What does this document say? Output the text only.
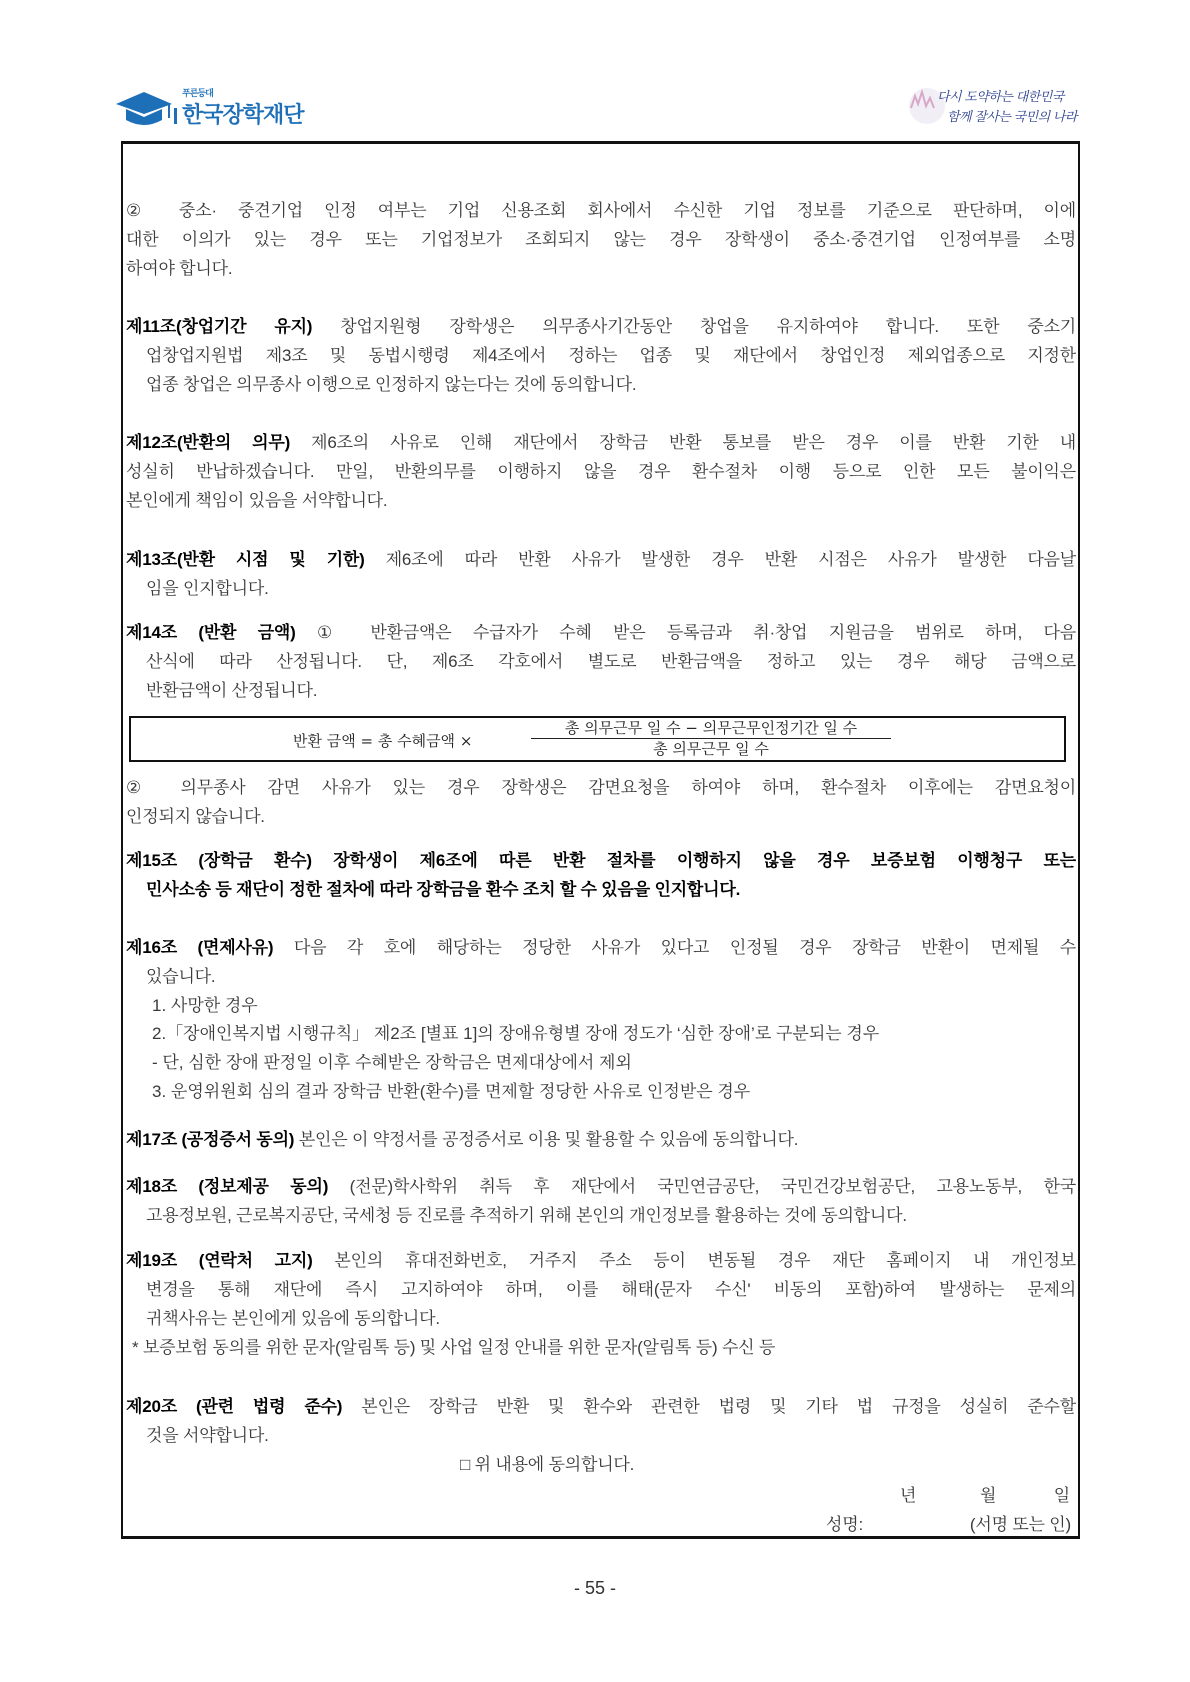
푸른등대
한국장학재단
다시 도약하는 대한민국
함께 잘사는 국민의 나라
② 중소· 중견기업 인정 여부는 기업 신용조회 회사에서 수신한 기업 정보를 기준으로 판단하며, 이에
대한 이의가 있는 경우 또는 기업정보가 조회되지 않는 경우 장학생이 중소·중견기업 인정여부를 소명
하여야 합니다.
제11조(창업기간 유지) 창업지원형 장학생은 의무종사기간동안 창업을 유지하여야 합니다. 또한 중소기
업창업지원법 제3조 및 동법시행령 제4조에서 정하는 업종 및 재단에서 창업인정 제외업종으로 지정한
업종 창업은 의무종사 이행으로 인정하지 않는다는 것에 동의합니다.
제12조(반환의 의무) 제6조의 사유로 인해 재단에서 장학금 반환 통보를 받은 경우 이를 반환 기한 내
성실히 반납하겠습니다. 만일, 반환의무를 이행하지 않을 경우 환수절차 이행 등으로 인한 모든 불이익은
본인에게 책임이 있음을 서약합니다.
제13조(반환 시점 및 기한) 제6조에 따라 반환 사유가 발생한 경우 반환 시점은 사유가 발생한 다음날
임을 인지합니다.
제14조 (반환 금액) ① 반환금액은 수급자가 수혜 받은 등록금과 취·창업 지원금을 범위로 하며, 다음
산식에 따라 산정됩니다. 단, 제6조 각호에서 별도로 반환금액을 정하고 있는 경우 해당 금액으로
반환금액이 산정됩니다.
반환 금액 = 총 수혜금액 ×
총 의무근무 일 수 − 의무근무인정기간 일 수
총 의무근무 일 수
② 의무종사 감면 사유가 있는 경우 장학생은 감면요청을 하여야 하며, 환수절차 이후에는 감면요청이
인정되지 않습니다.
제15조 (장학금 환수) 장학생이 제6조에 따른 반환 절차를 이행하지 않을 경우 보증보험 이행청구 또는
민사소송 등 재단이 정한 절차에 따라 장학금을 환수 조치 할 수 있음을 인지합니다.
제16조 (면제사유) 다음 각 호에 해당하는 정당한 사유가 있다고 인정될 경우 장학금 반환이 면제될 수
있습니다.
1. 사망한 경우
2.「장애인복지법 시행규칙」 제2조 [별표 1]의 장애유형별 장애 정도가 ‘심한 장애’로 구분되는 경우
- 단, 심한 장애 판정일 이후 수혜받은 장학금은 면제대상에서 제외
3. 운영위원회 심의 결과 장학금 반환(환수)를 면제할 정당한 사유로 인정받은 경우
제17조 (공정증서 동의) 본인은 이 약정서를 공정증서로 이용 및 활용할 수 있음에 동의합니다.
제18조 (정보제공 동의) (전문)학사학위 취득 후 재단에서 국민연금공단, 국민건강보험공단, 고용노동부, 한국
고용정보원, 근로복지공단, 국세청 등 진로를 추적하기 위해 본인의 개인정보를 활용하는 것에 동의합니다.
제19조 (연락처 고지) 본인의 휴대전화번호, 거주지 주소 등이 변동될 경우 재단 홈페이지 내 개인정보
변경을 통해 재단에 즉시 고지하여야 하며, 이를 해태(문자 수신' 비동의 포함)하여 발생하는 문제의
귀책사유는 본인에게 있음에 동의합니다.
* 보증보험 동의를 위한 문자(알림톡 등) 및 사업 일정 안내를 위한 문자(알림톡 등) 수신 등
제20조 (관련 법령 준수) 본인은 장학금 반환 및 환수와 관련한 법령 및 기타 법 규정을 성실히 준수할
것을 서약합니다.
□ 위 내용에 동의합니다.
년	월	일
성명:	(서명 또는 인)
- 55 -
